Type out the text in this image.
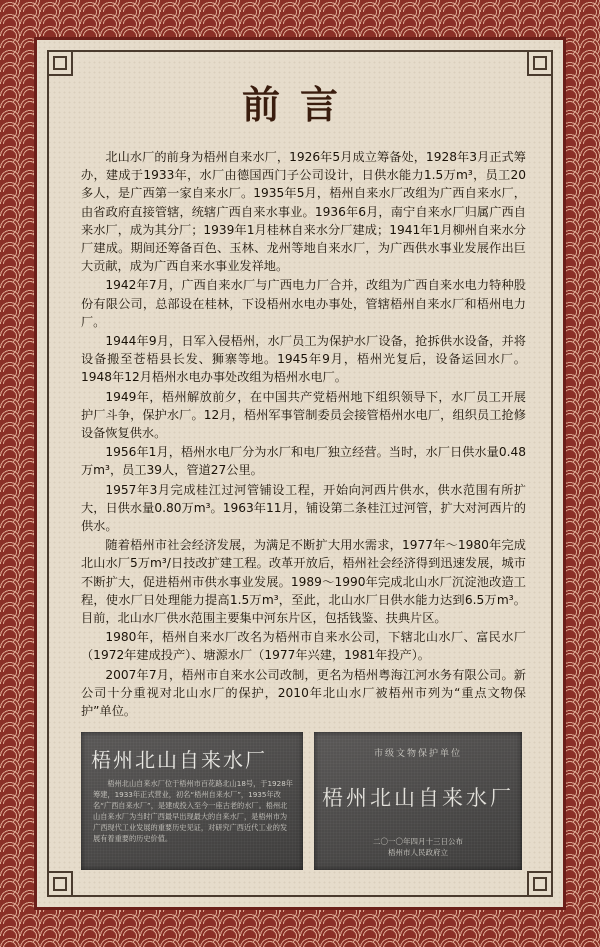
前言

北山水厂的前身为梧州自来水厂，1926年5月成立筹备处，1928年3月正式筹办，建成于1933年，水厂由德国西门子公司设计，日供水能力1.5万m³，员工20多人，是广西第一家自来水厂。1935年5月，梧州自来水厂改组为广西自来水厂，由省政府直接管辖，统辖广西自来水事业。1936年6月，南宁自来水厂归属广西自来水厂，成为其分厂；1939年1月桂林自来水分厂建成；1941年1月柳州自来水分厂建成。期间还筹备百色、玉林、龙州等地自来水厂，为广西供水事业发展作出巨大贡献，成为广西自来水事业发祥地。

1942年7月，广西自来水厂与广西电力厂合并，改组为广西自来水电力特种股份有限公司，总部设在桂林，下设梧州水电办事处，管辖梧州自来水厂和梧州电力厂。

1944年9月，日军入侵梧州，水厂员工为保护水厂设备，抢拆供水设备，并将设备搬至苍梧县长发、狮寨等地。1945年9月，梧州光复后，设备运回水厂。1948年12月梧州水电办事处改组为梧州水电厂。

1949年，梧州解放前夕，在中国共产党梧州地下组织领导下，水厂员工开展护厂斗争，保护水厂。12月，梧州军事管制委员会接管梧州水电厂，组织员工抢修设备恢复供水。

1956年1月，梧州水电厂分为水厂和电厂独立经营。当时，水厂日供水量0.48万m³，员工39人，管道27公里。

1957年3月完成桂江过河管铺设工程，开始向河西片供水，供水范围有所扩大，日供水量0.80万m³。1963年11月，铺设第二条桂江过河管，扩大对河西片的供水。

随着梧州市社会经济发展，为满足不断扩大用水需求，1977年～1980年完成北山水厂5万m³/日技改扩建工程。改革开放后，梧州社会经济得到迅速发展，城市不断扩大，促进梧州市供水事业发展。1989～1990年完成北山水厂沉淀池改造工程，使水厂日处理能力提高1.5万m³，至此，北山水厂日供水能力达到6.5万m³。目前，北山水厂供水范围主要集中河东片区，包括钱鉴、扶典片区。

1980年，梧州自来水厂改名为梧州市自来水公司，下辖北山水厂、富民水厂（1972年建成投产）、塘源水厂（1977年兴建，1981年投产）。

2007年7月，梧州市自来水公司改制，更名为梧州粤海江河水务有限公司。新公司十分重视对北山水厂的保护，2010年北山水厂被梧州市列为“重点文物保护”单位。

梧州北山自来水厂
梧州北山自来水厂位于梧州市百花路北山18号，于1928年筹建，1933年正式营业，初名“梧州自来水厂”，1935年改名“广西自来水厂”，是建成投入至今一座古老的水厂。梧州北山自来水厂为当时广西最早出现最大的自来水厂，是梧州市为广西现代工业发展的重要历史见证，对研究广西近代工业的发展有着重要的历史价值。
市级文物保护单位
梧州北山自来水厂
二〇一〇年四月十三日公布
梧州市人民政府立
